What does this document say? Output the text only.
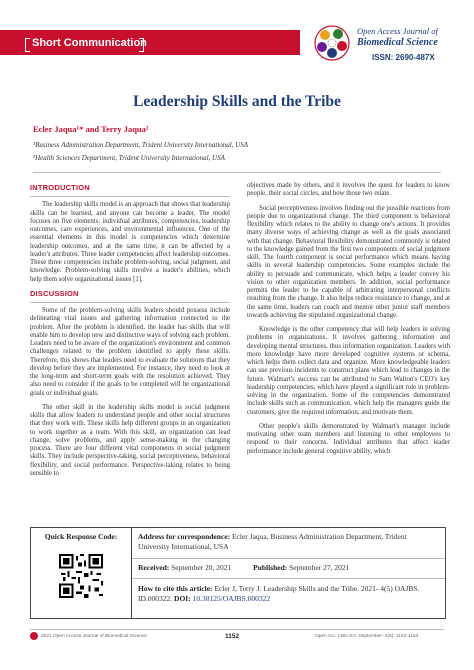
Short Communication
Open Access Journal of
Biomedical Science
ISSN: 2690-487X
Leadership Skills and the Tribe
Ecler Jaqua¹* and Terry Jaqua²
¹Business Administration Department, Trident University International, USA
²Health Sciences Department, Trident University International, USA
INTRODUCTION

The leadership skills model is an approach that shows that leadership skills can be learned, and anyone can become a leader. The model focuses on five elements: individual attributes, competencies, leadership outcomes, care experiences, and environmental influences. One of the essential elements in this model is competencies which determine leadership outcomes, and at the same time, it can be affected by a leader's attributes. Three leader competencies affect leadership outcomes. These three competencies include problem-solving, social judgment, and knowledge. Problem-solving skills involve a leader's abilities, which help them solve organizational issues [1].

DISCUSSION

Some of the problem-solving skills leaders should possess include delineating vital issues and gathering information connected to the problem. After the problem is identified, the leader has skills that will enable him to develop new and distinctive ways of solving each problem. Leaders need to be aware of the organization's environment and common challenges related to the problem identified to apply these skills. Therefore, this shows that leaders need to evaluate the solutions that they develop before they are implemented. For instance, they need to look at the long-term and short-term goals with the resolution achieved. They also need to consider if the goals to be completed will be organizational goals or individual goals.

The other skill in the leadership skills model is social judgment skills that allow leaders to understand people and other social structures that they work with. These skills help different groups in an organization to work together as a team. With this skill, an organization can lead change, solve problems, and apply sense-making in the changing process. There are four different vital components in social judgment skills. They include perspective-taking, social perceptiveness, behavioral flexibility, and social performance. Perspective-taking relates to being sensible to

objectives made by others, and it involves the quest for leaders to know people, their social circles, and how those two relate.

Social perceptiveness involves finding out the possible reactions from people due to organizational change. The third component is behavioral flexibility which relates to the ability to change one's actions. It provides many diverse ways of achieving change as well as the goals associated with that change. Behavioral flexibility demonstrated commonly is related to the knowledge gained from the first two components of social judgment skill. The fourth component is social performance which means having skills in several leadership competencies. Some examples include the ability to persuade and communicate, which helps a leader convey his vision to other organization members. In addition, social performance permits the leader to be capable of arbitrating interpersonal conflicts resulting from the change. It also helps reduce resistance to change, and at the same time, leaders can coach and mentor other junior staff members towards achieving the stipulated organizational change.

Knowledge is the other competency that will help leaders in solving problems in organizations. It involves gathering information and developing mental structures, thus information organization. Leaders with more knowledge have more developed cognitive systems or schema, which helps them collect data and organize. More knowledgeable leaders can use previous incidents to construct plans which lead to changes in the future. Walmart's success can be attributed to Sam Walton's CEO's key leadership competencies, which have played a significant role in problem-solving in the organization. Some of the competencies demonstrated include skills such as communication, which help the managers guide the customers, give the required information, and motivate them.

Other people's skills demonstrated by Walmart's manager include motivating other team members and listening to other employees to respond to their concerns. Individual attributes that affect leader performance include general cognitive ability, which

Quick Response Code:	Address for correspondence: Ecler Jaqua, Business Administration Department, Trident University International, USA
Received: September 20, 2021	Published: September 27, 2021
How to cite this article: Ecler J, Terry J. Leadership Skills and the Tribe. 2021- 4(5) OAJBS. ID.000322. DOI: 10.38125/OAJBS.000322
2021 Open Access Journal of Biomedical Science	1152	Open Acc J Bio Sci. September- 4(5): 1152-1153
